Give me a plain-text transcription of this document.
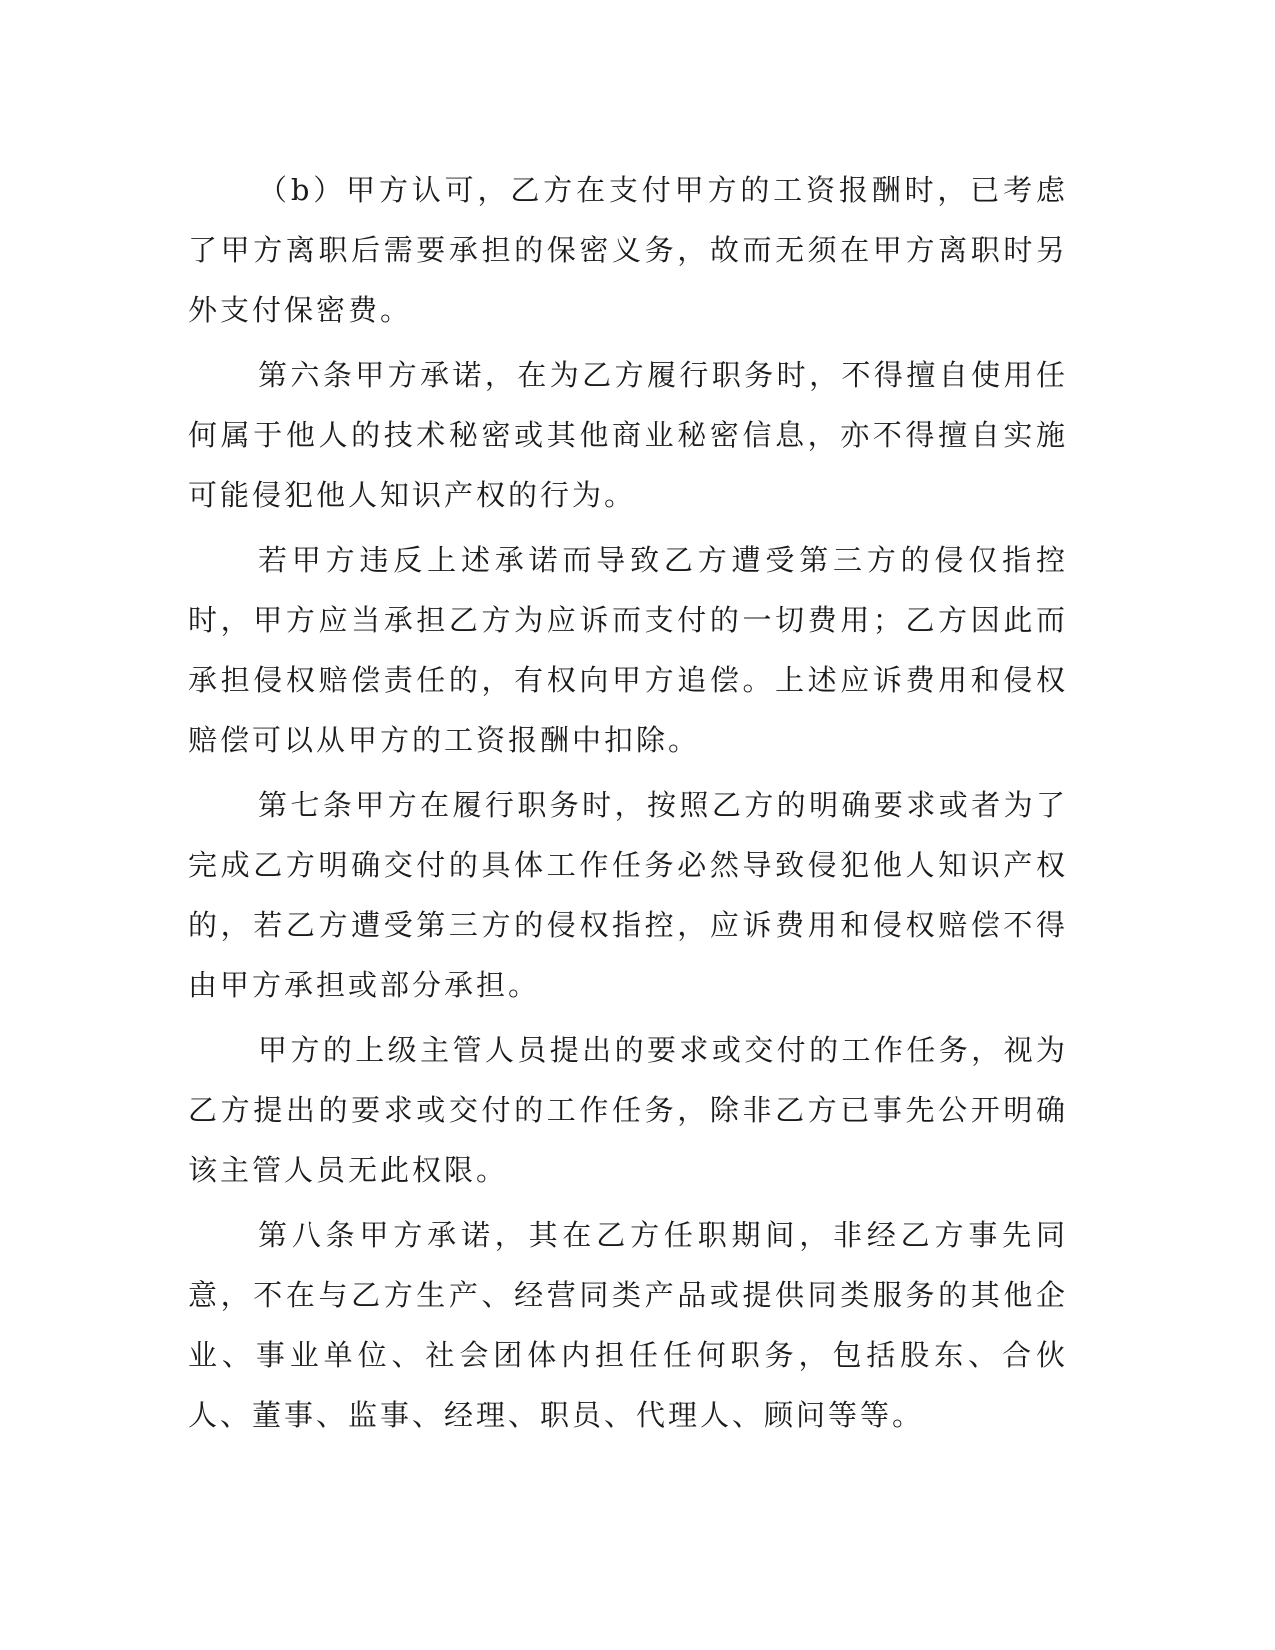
（b）甲方认可，乙方在支付甲方的工资报酬时，已考虑了甲方离职后需要承担的保密义务，故而无须在甲方离职时另外支付保密费。

第六条甲方承诺，在为乙方履行职务时，不得擅自使用任何属于他人的技术秘密或其他商业秘密信息，亦不得擅自实施可能侵犯他人知识产权的行为。

若甲方违反上述承诺而导致乙方遭受第三方的侵仅指控时，甲方应当承担乙方为应诉而支付的一切费用；乙方因此而承担侵权赔偿责任的，有权向甲方追偿。上述应诉费用和侵权赔偿可以从甲方的工资报酬中扣除。

第七条甲方在履行职务时，按照乙方的明确要求或者为了完成乙方明确交付的具体工作任务必然导致侵犯他人知识产权的，若乙方遭受第三方的侵权指控，应诉费用和侵权赔偿不得由甲方承担或部分承担。

甲方的上级主管人员提出的要求或交付的工作任务，视为乙方提出的要求或交付的工作任务，除非乙方已事先公开明确该主管人员无此权限。

第八条甲方承诺，其在乙方任职期间，非经乙方事先同意，不在与乙方生产、经营同类产品或提供同类服务的其他企业、事业单位、社会团体内担任任何职务，包括股东、合伙人、董事、监事、经理、职员、代理人、顾问等等。
